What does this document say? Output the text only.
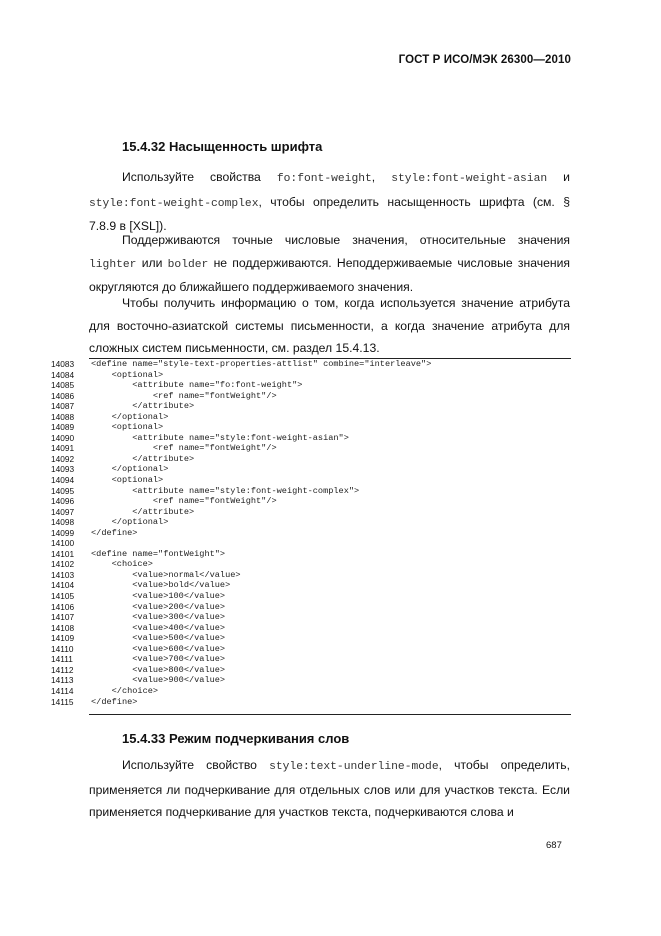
ГОСТ Р ИСО/МЭК 26300—2010
15.4.32 Насыщенность шрифта
Используйте свойства fo:font-weight, style:font-weight-asian и style:font-weight-complex, чтобы определить насыщенность шрифта (см. § 7.8.9 в [XSL]).
Поддерживаются точные числовые значения, относительные значения lighter или bolder не поддерживаются. Неподдерживаемые числовые значения округляются до ближайшего поддерживаемого значения.
Чтобы получить информацию о том, когда используется значение атрибута для восточно-азиатской системы письменности, а когда значение атрибута для сложных систем письменности, см. раздел 15.4.13.
14083	<define name="style-text-properties-attlist" combine="interleave">
14084	<optional>
14085	<attribute name="fo:font-weight">
14086	<ref name="fontWeight"/>
14087	</attribute>
14088	</optional>
14089	<optional>
14090	<attribute name="style:font-weight-asian">
14091	<ref name="fontWeight"/>
14092	</attribute>
14093	</optional>
14094	<optional>
14095	<attribute name="style:font-weight-complex">
14096	<ref name="fontWeight"/>
14097	</attribute>
14098	</optional>
14099	</define>
14100
14101	<define name="fontWeight">
14102	<choice>
14103	<value>normal</value>
14104	<value>bold</value>
14105	<value>100</value>
14106	<value>200</value>
14107	<value>300</value>
14108	<value>400</value>
14109	<value>500</value>
14110	<value>600</value>
14111	<value>700</value>
14112	<value>800</value>
14113	<value>900</value>
14114	</choice>
14115	</define>
15.4.33 Режим подчеркивания слов
Используйте свойство style:text-underline-mode, чтобы определить, применяется ли подчеркивание для отдельных слов или для участков текста. Если применяется подчеркивание для участков текста, подчеркиваются слова и
687
